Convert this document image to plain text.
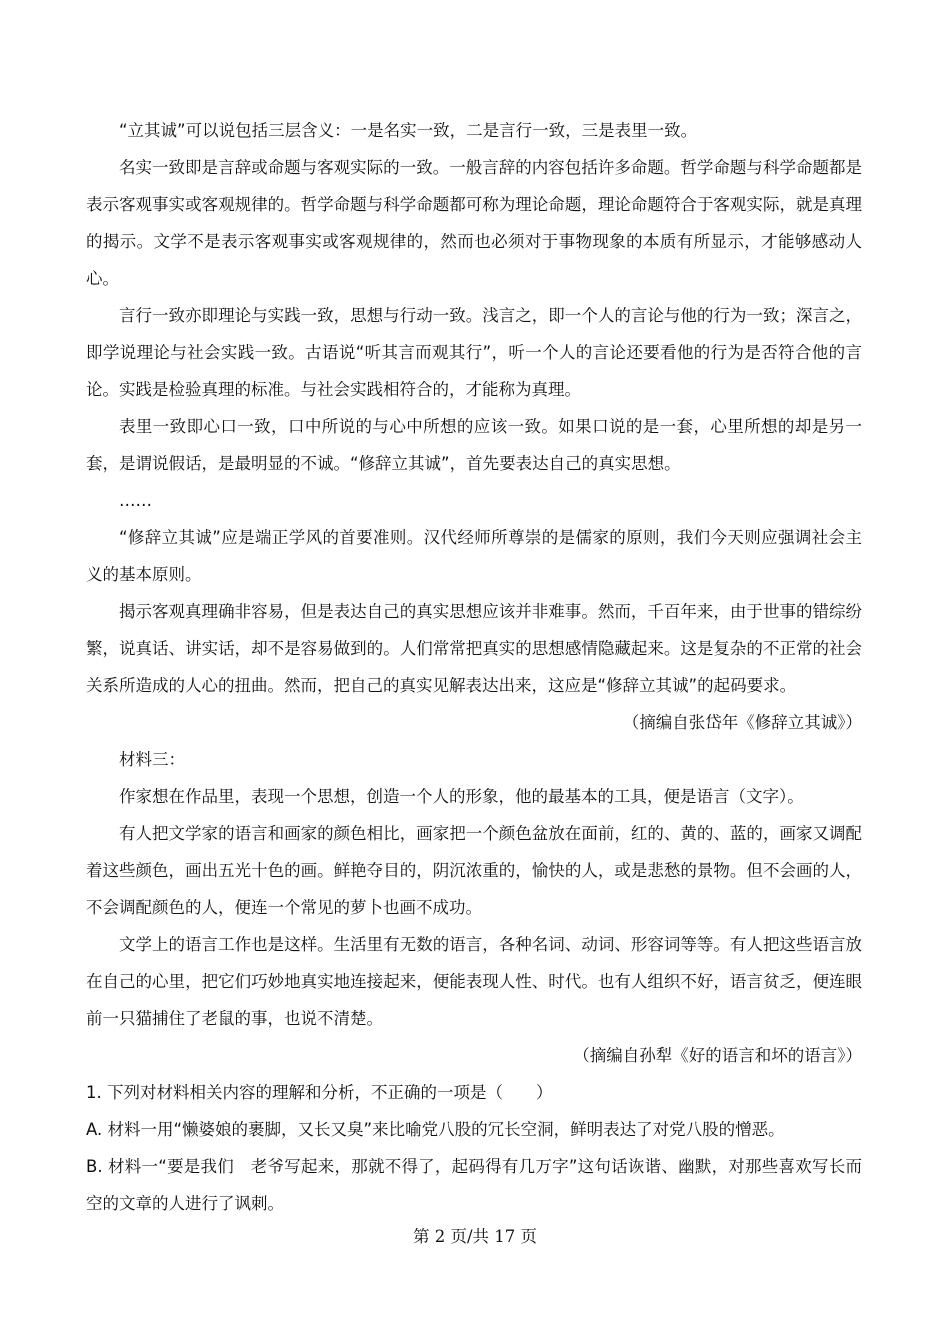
“立其诚”可以说包括三层含义：一是名实一致，二是言行一致，三是表里一致。

名实一致即是言辞或命题与客观实际的一致。一般言辞的内容包括许多命题。哲学命题与科学命题都是表示客观事实或客观规律的。哲学命题与科学命题都可称为理论命题，理论命题符合于客观实际，就是真理的揭示。文学不是表示客观事实或客观规律的，然而也必须对于事物现象的本质有所显示，才能够感动人心。

言行一致亦即理论与实践一致，思想与行动一致。浅言之，即一个人的言论与他的行为一致；深言之，即学说理论与社会实践一致。古语说“听其言而观其行”，听一个人的言论还要看他的行为是否符合他的言论。实践是检验真理的标准。与社会实践相符合的，才能称为真理。

表里一致即心口一致，口中所说的与心中所想的应该一致。如果口说的是一套，心里所想的却是另一套，是谓说假话，是最明显的不诚。“修辞立其诚”，首先要表达自己的真实思想。

……

“修辞立其诚”应是端正学风的首要准则。汉代经师所尊崇的是儒家的原则，我们今天则应强调社会主义的基本原则。

揭示客观真理确非容易，但是表达自己的真实思想应该并非难事。然而，千百年来，由于世事的错综纷繁，说真话、讲实话，却不是容易做到的。人们常常把真实的思想感情隐藏起来。这是复杂的不正常的社会关系所造成的人心的扭曲。然而，把自己的真实见解表达出来，这应是“修辞立其诚”的起码要求。

（摘编自张岱年《修辞立其诚》）

材料三：

作家想在作品里，表现一个思想，创造一个人的形象，他的最基本的工具，便是语言（文字）。

有人把文学家的语言和画家的颜色相比，画家把一个颜色盆放在面前，红的、黄的、蓝的，画家又调配着这些颜色，画出五光十色的画。鲜艳夺目的，阴沉浓重的，愉快的人，或是悲愁的景物。但不会画的人，不会调配颜色的人，便连一个常见的萝卜也画不成功。

文学上的语言工作也是这样。生活里有无数的语言，各种名词、动词、形容词等等。有人把这些语言放在自己的心里，把它们巧妙地真实地连接起来，便能表现人性、时代。也有人组织不好，语言贫乏，便连眼前一只猫捕住了老鼠的事，也说不清楚。

（摘编自孙犁《好的语言和坏的语言》）

1. 下列对材料相关内容的理解和分析，不正确的一项是（　　）

A. 材料一用“懒婆娘的裹脚，又长又臭”来比喻党八股的冗长空洞，鲜明表达了对党八股的憎恶。

B. 材料一“要是我们　老爷写起来，那就不得了，起码得有几万字”这句话诙谐、幽默，对那些喜欢写长而空的文章的人进行了讽刺。

第 2 页/共 17 页
